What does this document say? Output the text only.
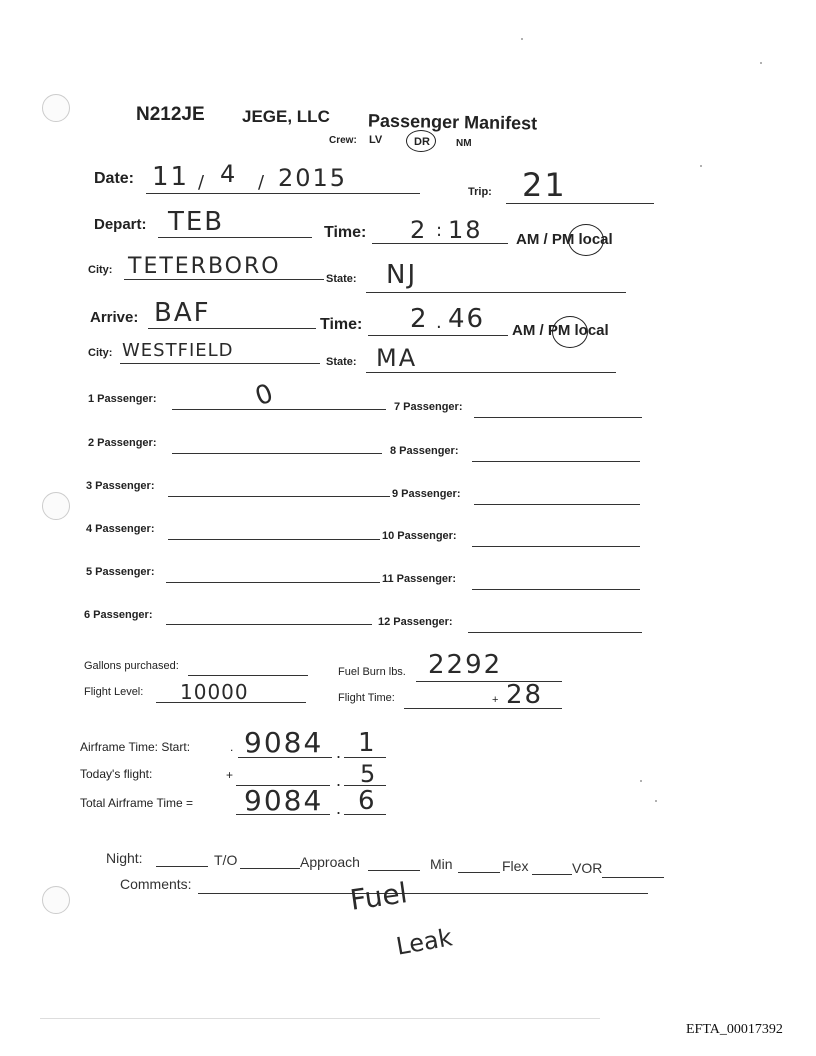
N212JE JEGE, LLC Passenger Manifest
Crew: LV	DR	NM
Date: 11 / 4 / 2015	Trip: 21
Depart: TEB	Time: 2 : 18 AM / PM local
City: TETERBORO	State: NJ
Arrive: BAF	Time: 2 . 46 AM / PM local
City: WESTFIELD
State: MA
1 Passenger:	0
2 Passenger:
3 Passenger:
4 Passenger:
5 Passenger:
6 Passenger:
7 Passenger:
8 Passenger:
9 Passenger:
10 Passenger:
11 Passenger:
12 Passenger:
Gallons purchased:	Fuel Burn lbs. 2292
Flight Level: 10000	Flight Time:	+ 28
Airframe Time: Start:	. 9084 . 1
Today's flight:	+	. 5
Total Airframe Time = 9084 . 6
Night:	T/O	Approach	Min	Flex	VOR
Comments:	Fuel
Leak
EFTA_00017392
